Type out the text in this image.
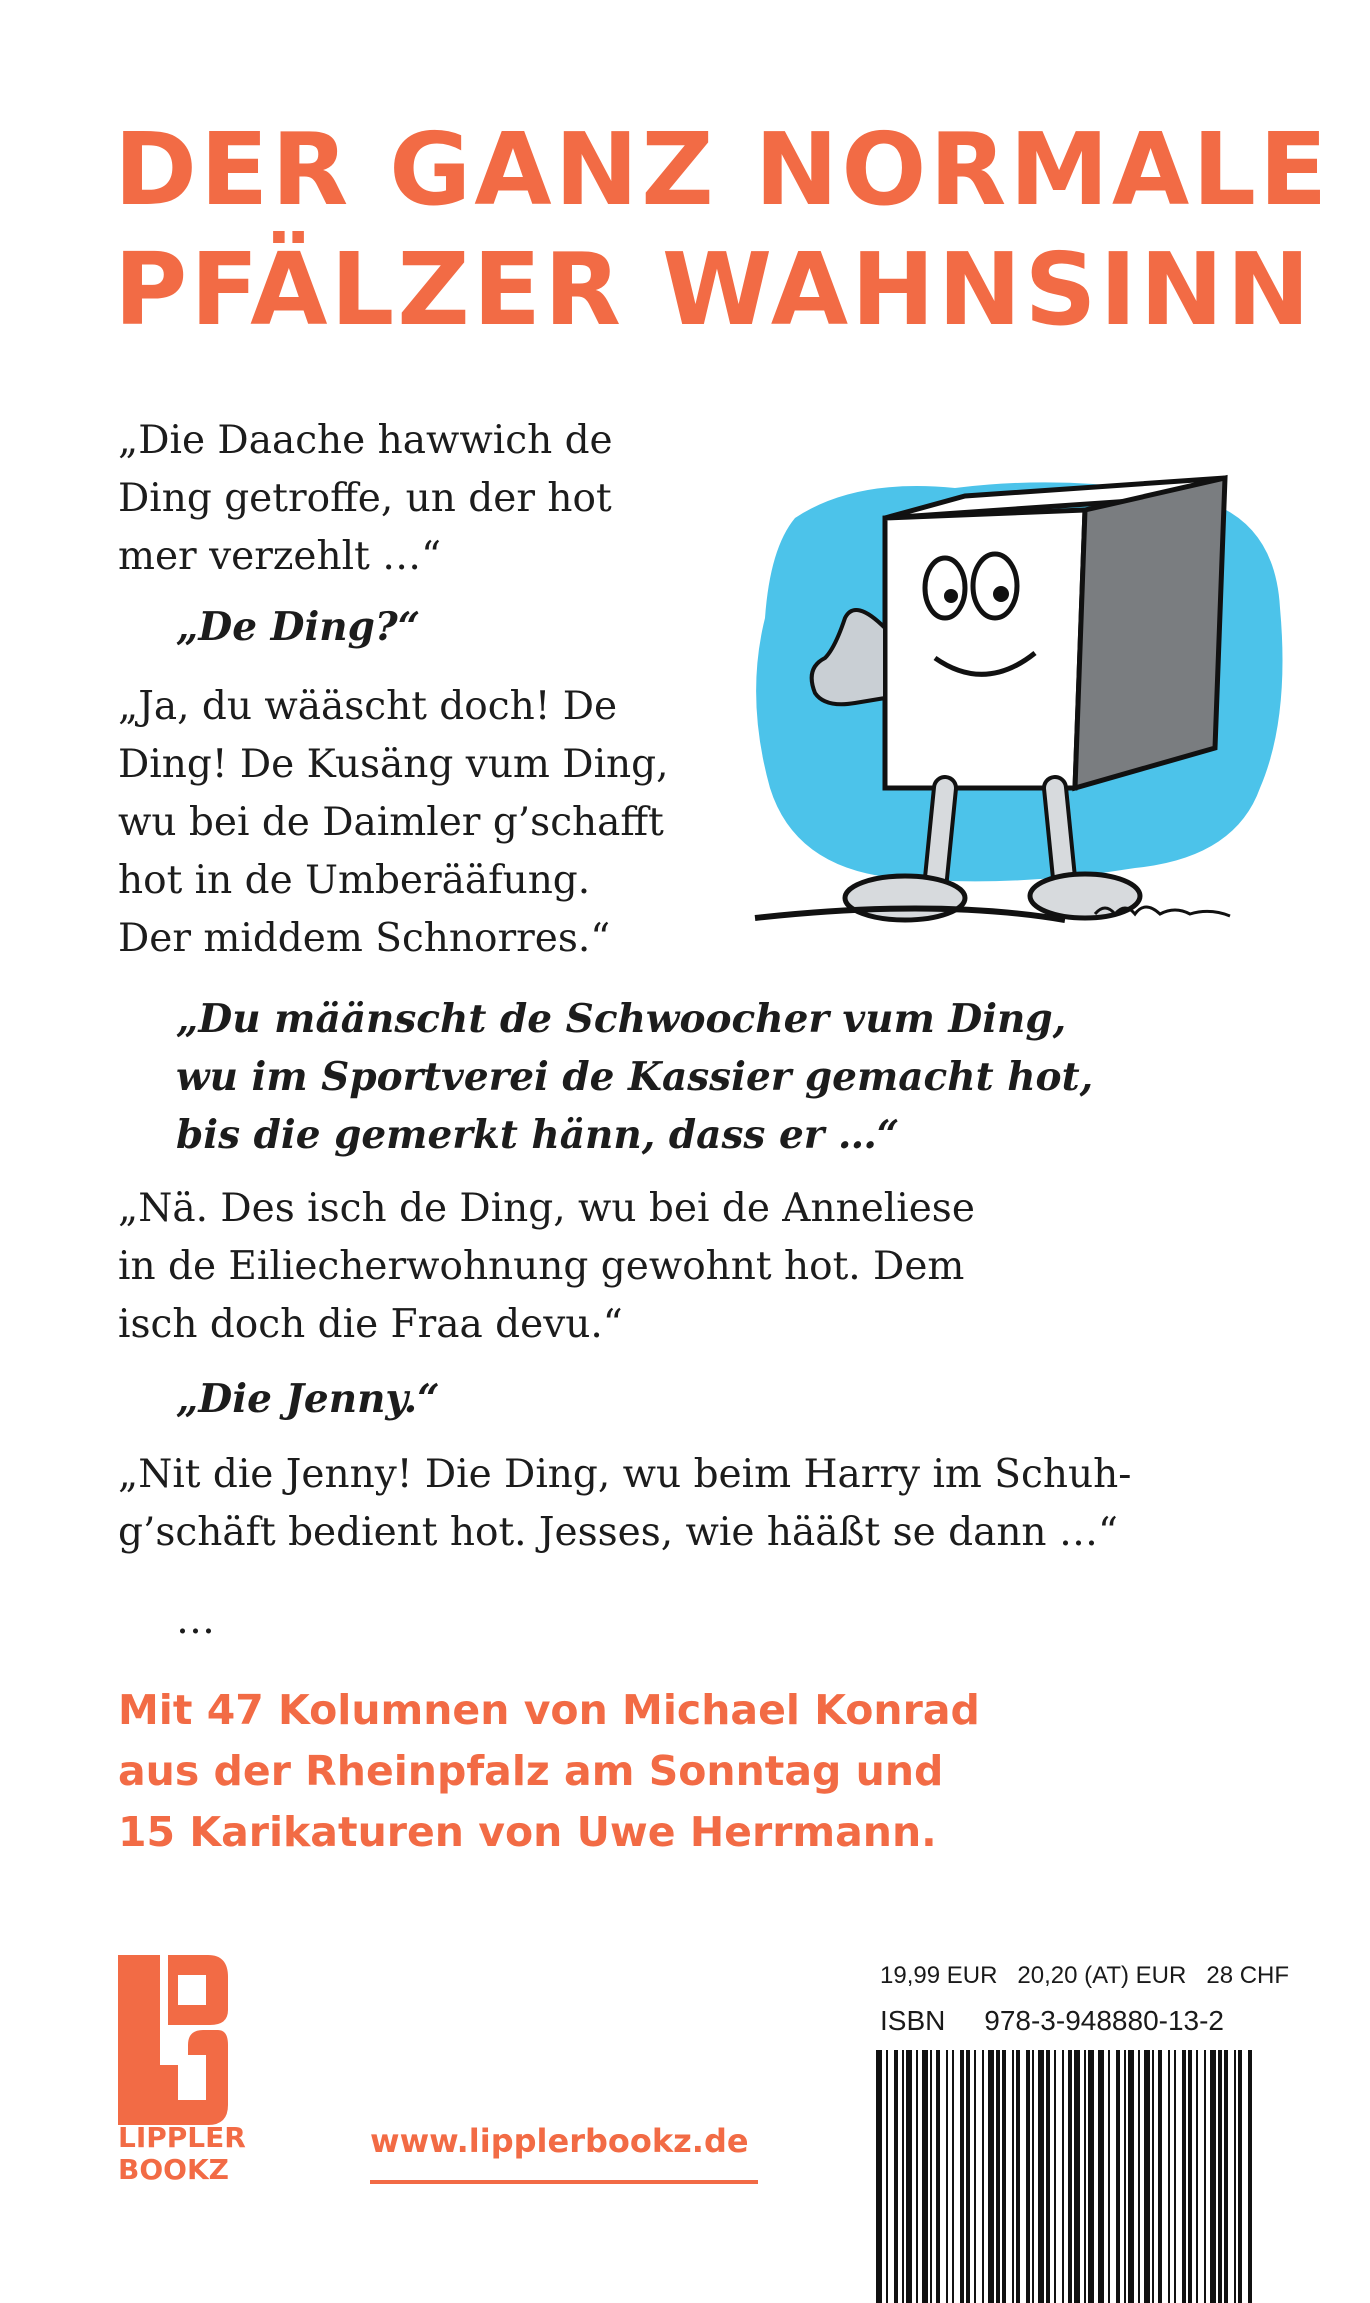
DER GANZ NORMALE
PFÄLZER WAHNSINN
„Die Daache hawwich de
Ding getroffe, un der hot
mer verzehlt …“
„De Ding?“
„Ja, du wääscht doch! De
Ding! De Kusäng vum Ding,
wu bei de Daimler g’schafft
hot in de Umberääfung.
Der middem Schnorres.“
„Du määnscht de Schwoocher vum Ding,
wu im Sportverei de Kassier gemacht hot,
bis die gemerkt hänn, dass er …“
„Nä. Des isch de Ding, wu bei de Anneliese
in de Eiliecherwohnung gewohnt hot. Dem
isch doch die Fraa devu.“
„Die Jenny.“
„Nit die Jenny! Die Ding, wu beim Harry im Schuh-
g’schäft bedient hot. Jesses, wie hääßt se dann …“
…
Mit 47 Kolumnen von Michael Konrad
aus der Rheinpfalz am Sonntag und
15 Karikaturen von Uwe Herrmann.
LIPPLER
BOOKZ
www.lipplerbookz.de
19,99 EUR   20,20 (AT) EUR   28 CHF
ISBN 978-3-948880-13-2
